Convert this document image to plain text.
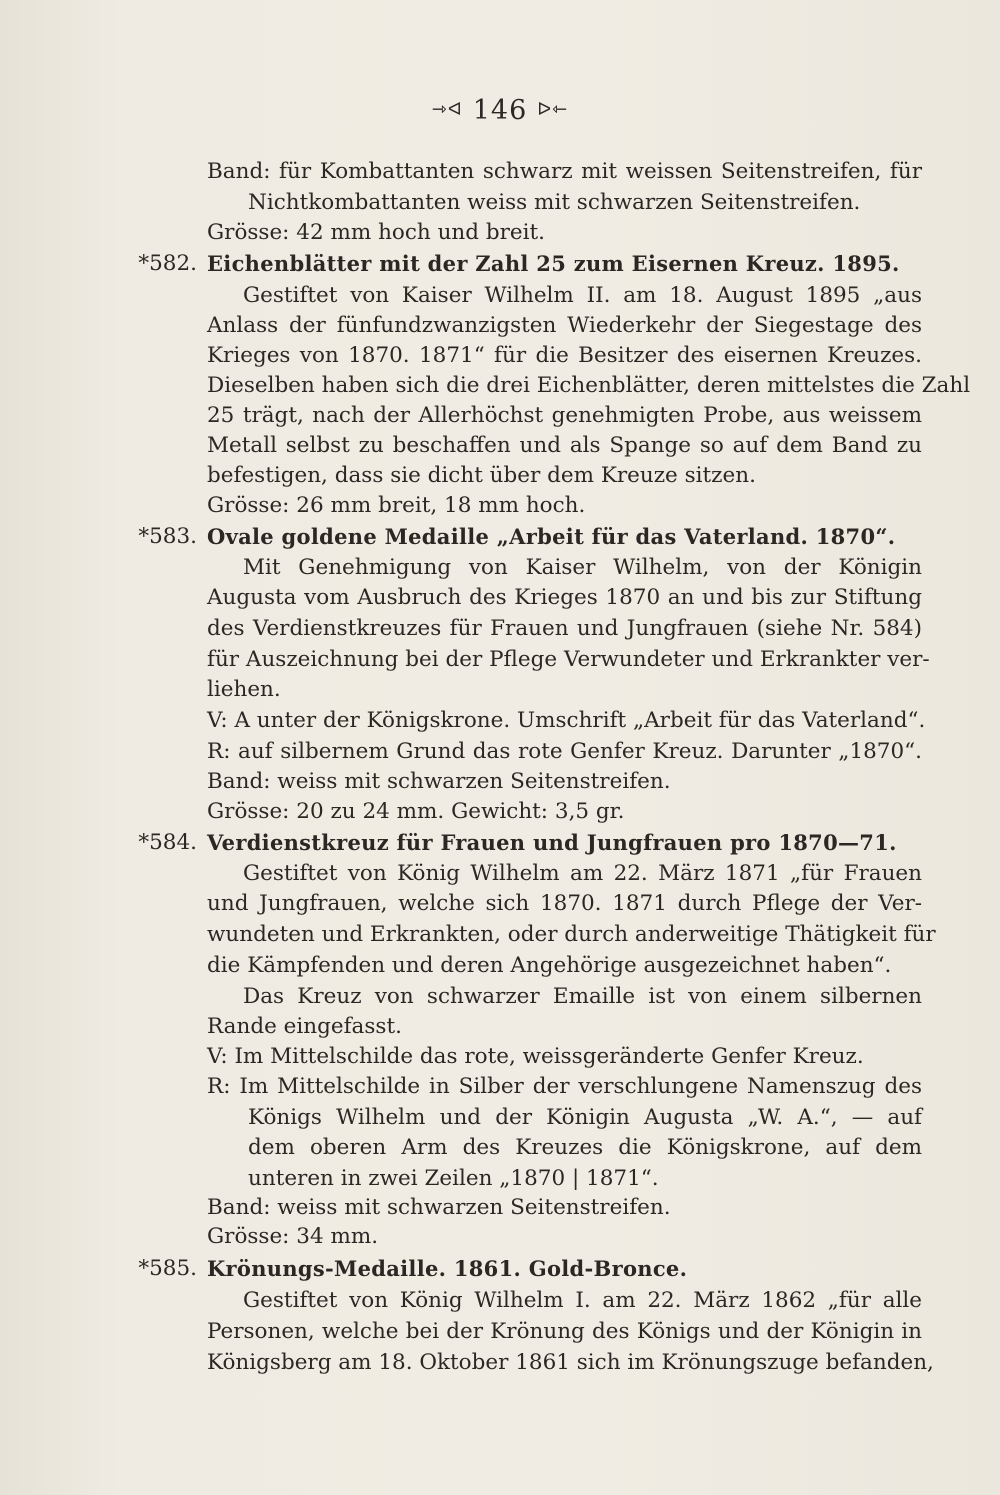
⇾ᐊ 146 ᐅ⇽
Band: für Kombattanten schwarz mit weissen Seitenstreifen, für
Nichtkombattanten weiss mit schwarzen Seitenstreifen.
Grösse: 42 mm hoch und breit.
*582. Eichenblätter mit der Zahl 25 zum Eisernen Kreuz. 1895.
Gestiftet von Kaiser Wilhelm II. am 18. August 1895 „aus
Anlass der fünfundzwanzigsten Wiederkehr der Siegestage des
Krieges von 1870. 1871“ für die Besitzer des eisernen Kreuzes.
Dieselben haben sich die drei Eichenblätter, deren mittelstes die Zahl
25 trägt, nach der Allerhöchst genehmigten Probe, aus weissem
Metall selbst zu beschaffen und als Spange so auf dem Band zu
befestigen, dass sie dicht über dem Kreuze sitzen.
Grösse: 26 mm breit, 18 mm hoch.
*583. Ovale goldene Medaille „Arbeit für das Vaterland. 1870“.
Mit Genehmigung von Kaiser Wilhelm, von der Königin
Augusta vom Ausbruch des Krieges 1870 an und bis zur Stiftung
des Verdienstkreuzes für Frauen und Jungfrauen (siehe Nr. 584)
für Auszeichnung bei der Pflege Verwundeter und Erkrankter ver-
liehen.
V: A unter der Königskrone. Umschrift „Arbeit für das Vaterland“.
R: auf silbernem Grund das rote Genfer Kreuz. Darunter „1870“.
Band: weiss mit schwarzen Seitenstreifen.
Grösse: 20 zu 24 mm. Gewicht: 3,5 gr.
*584. Verdienstkreuz für Frauen und Jungfrauen pro 1870—71.
Gestiftet von König Wilhelm am 22. März 1871 „für Frauen
und Jungfrauen, welche sich 1870. 1871 durch Pflege der Ver-
wundeten und Erkrankten, oder durch anderweitige Thätigkeit für
die Kämpfenden und deren Angehörige ausgezeichnet haben“.
Das Kreuz von schwarzer Emaille ist von einem silbernen
Rande eingefasst.
V: Im Mittelschilde das rote, weissgeränderte Genfer Kreuz.
R: Im Mittelschilde in Silber der verschlungene Namenszug des
Königs Wilhelm und der Königin Augusta „W. A.“, — auf
dem oberen Arm des Kreuzes die Königskrone, auf dem
unteren in zwei Zeilen „1870 | 1871“.
Band: weiss mit schwarzen Seitenstreifen.
Grösse: 34 mm.
*585. Krönungs-Medaille. 1861. Gold-Bronce.
Gestiftet von König Wilhelm I. am 22. März 1862 „für alle
Personen, welche bei der Krönung des Königs und der Königin in
Königsberg am 18. Oktober 1861 sich im Krönungszuge befanden,
